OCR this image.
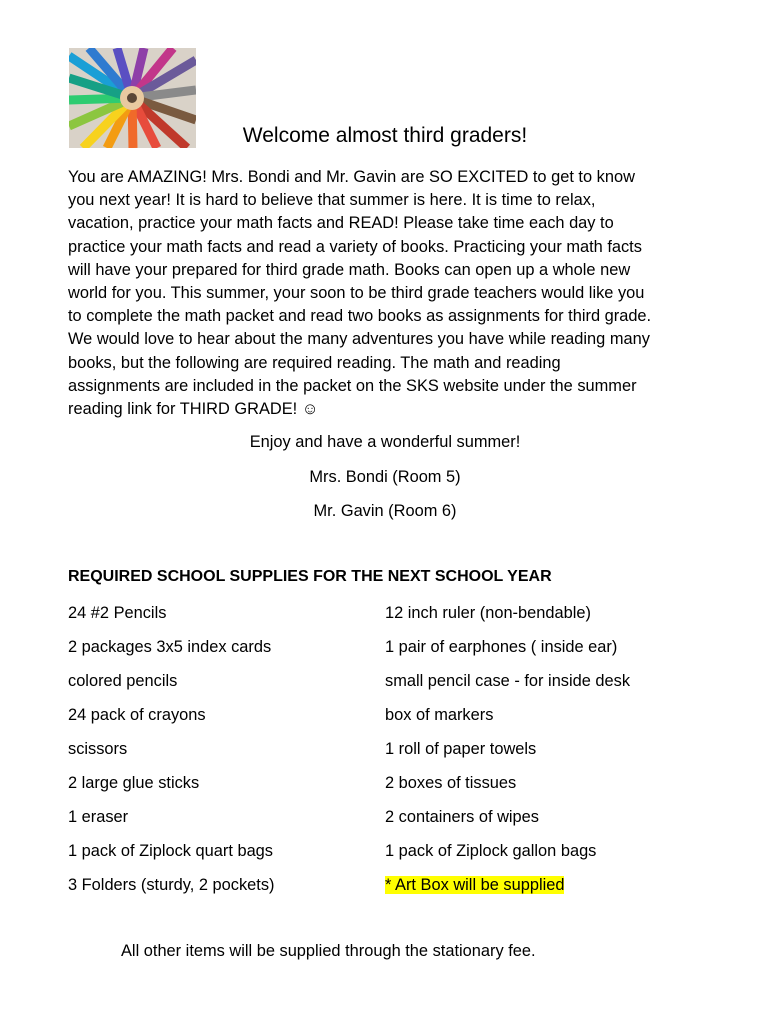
Welcome almost third graders!
You are AMAZING! Mrs. Bondi and Mr. Gavin are SO EXCITED to get to know
you next year! It is hard to believe that summer is here. It is time to relax,
vacation, practice your math facts and READ! Please take time each day to
practice your math facts and read a variety of books. Practicing your math facts
will have your prepared for third grade math. Books can open up a whole new
world for you. This summer, your soon to be third grade teachers would like you
to complete the math packet and read two books as assignments for third grade.
We would love to hear about the many adventures you have while reading many
books, but the following are required reading. The math and reading
assignments are included in the packet on the SKS website under the summer
reading link for THIRD GRADE! ☺
Enjoy and have a wonderful summer!
Mrs. Bondi (Room 5)
Mr. Gavin (Room 6)
REQUIRED SCHOOL SUPPLIES FOR THE NEXT SCHOOL YEAR
24 #2 Pencils
2 packages 3x5 index cards
colored pencils
24 pack of crayons
scissors
2 large glue sticks
1 eraser
1 pack of Ziplock quart bags
3 Folders (sturdy, 2 pockets)
12 inch ruler (non-bendable)
1 pair of earphones ( inside ear)
small pencil case - for inside desk
box of markers
1 roll of paper towels
2 boxes of tissues
2 containers of wipes
1 pack of Ziplock gallon bags
* Art Box will be supplied
All other items will be supplied through the stationary fee.
